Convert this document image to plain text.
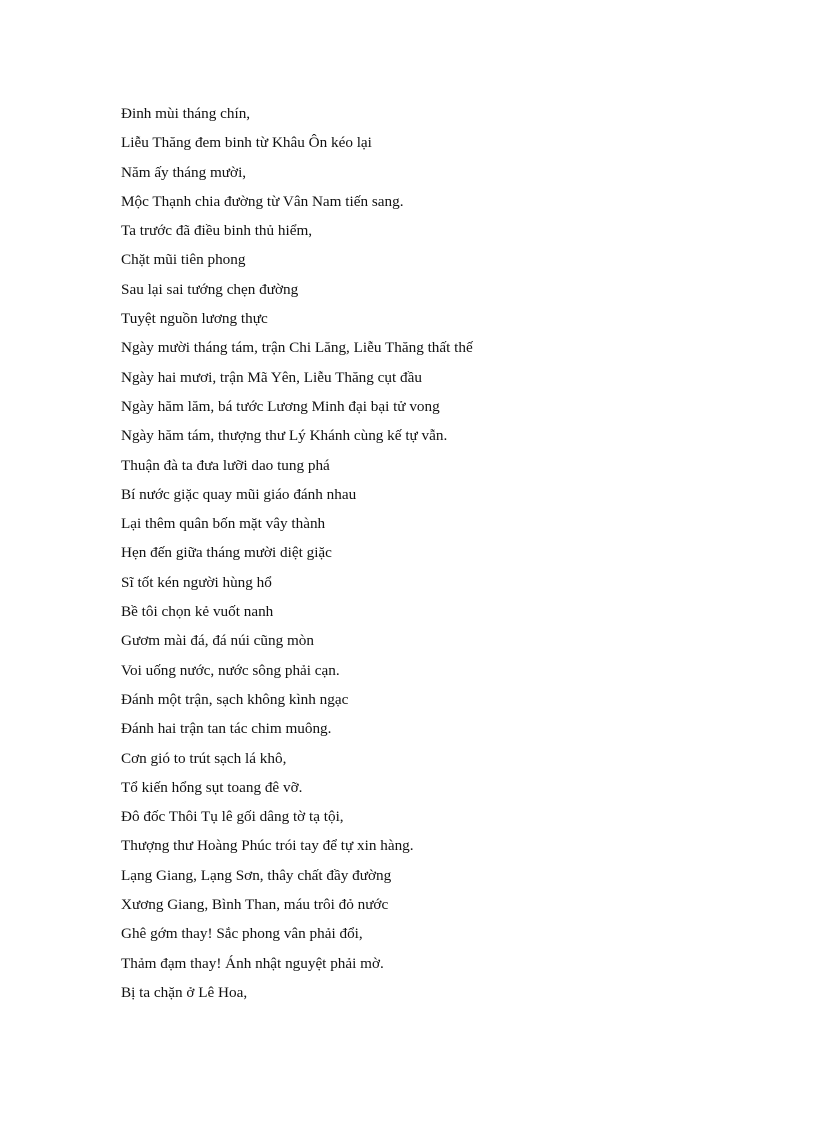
Đinh mùi tháng chín,
Liễu Thăng đem binh từ Khâu Ôn kéo lại
Năm ấy tháng mười,
Mộc Thạnh chia đường từ Vân Nam tiến sang.
Ta trước đã điều binh thủ hiểm,
Chặt mũi tiên phong
Sau lại sai tướng chẹn đường
Tuyệt nguồn lương thực
Ngày mười tháng tám, trận Chi Lăng, Liễu Thăng thất thế
Ngày hai mươi, trận Mã Yên, Liễu Thăng cụt đầu
Ngày hăm lăm, bá tước Lương Minh đại bại tử vong
Ngày hăm tám, thượng thư Lý Khánh cùng kế tự vẫn.
Thuận đà ta đưa lưỡi dao tung phá
Bí nước giặc quay mũi giáo đánh nhau
Lại thêm quân bốn mặt vây thành
Hẹn đến giữa tháng mười diệt giặc
Sĩ tốt kén người hùng hổ
Bề tôi chọn kẻ vuốt nanh
Gươm mài đá, đá núi cũng mòn
Voi uống nước, nước sông phải cạn.
Đánh một trận, sạch không kình ngạc
Đánh hai trận tan tác chim muông.
Cơn gió to trút sạch lá khô,
Tổ kiến hổng sụt toang đê vỡ.
Đô đốc Thôi Tụ lê gối dâng tờ tạ tội,
Thượng thư Hoàng Phúc trói tay để tự xin hàng.
Lạng Giang, Lạng Sơn, thây chất đầy đường
Xương Giang, Bình Than, máu trôi đỏ nước
Ghê gớm thay! Sắc phong vân phải đổi,
Thảm đạm thay! Ánh nhật nguyệt phải mờ.
Bị ta chặn ở Lê Hoa,
